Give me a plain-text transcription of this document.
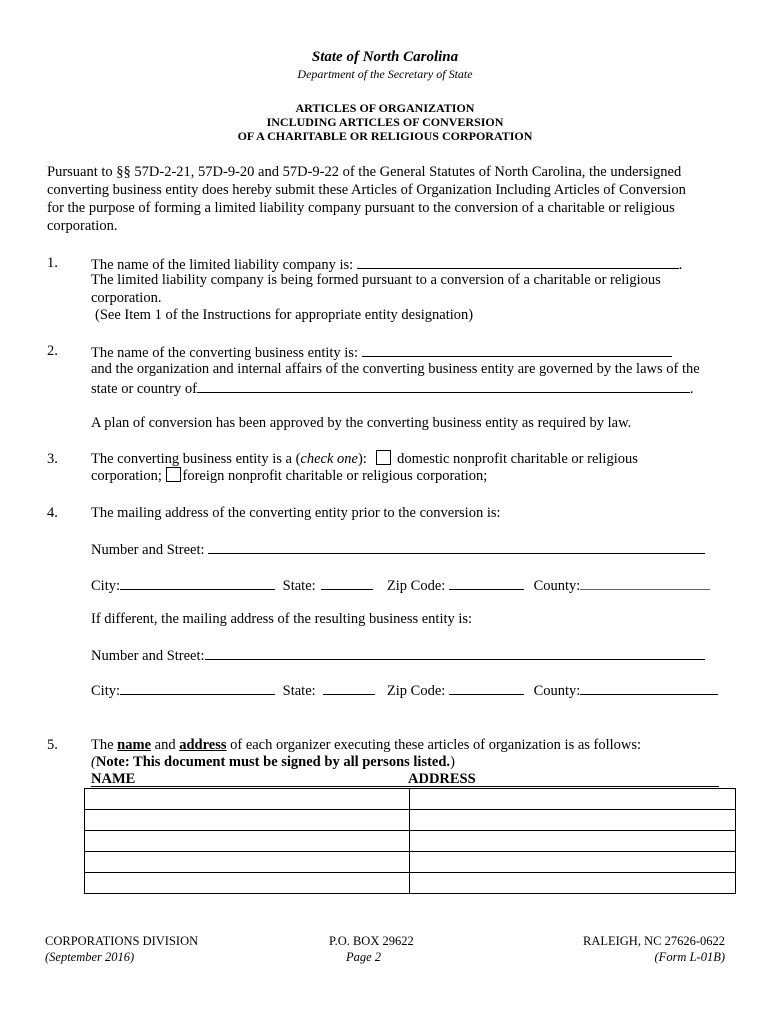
State of North Carolina
Department of the Secretary of State
ARTICLES OF ORGANIZATION
INCLUDING ARTICLES OF CONVERSION
OF A CHARITABLE OR RELIGIOUS CORPORATION
Pursuant to §§ 57D-2-21, 57D-9-20 and 57D-9-22 of the General Statutes of North Carolina, the undersigned
converting business entity does hereby submit these Articles of Organization Including Articles of Conversion
for the purpose of forming a limited liability company pursuant to the conversion of a charitable or religious
corporation.
1. The name of the limited liability company is:	.
The limited liability company is being formed pursuant to a conversion of a charitable or religious
corporation.
(See Item 1 of the Instructions for appropriate entity designation)
2. The name of the converting business entity is:
and the organization and internal affairs of the converting business entity are governed by the laws of the
state or country of	.
A plan of conversion has been approved by the converting business entity as required by law.
3. The converting business entity is a (check one): domestic nonprofit charitable or religious
corporation; foreign nonprofit charitable or religious corporation;
4. The mailing address of the converting entity prior to the conversion is:
Number and Street:
City:	State:	Zip Code:	County:
If different, the mailing address of the resulting business entity is:
Number and Street:
City:	State:	Zip Code:	County:
5. The name and address of each organizer executing these articles of organization is as follows:
(Note: This document must be signed by all persons listed.)
NAME	ADDRESS

CORPORATIONS DIVISION
(September 2016)
P.O. BOX 29622
Page 2
RALEIGH, NC 27626-0622
(Form L-01B)
